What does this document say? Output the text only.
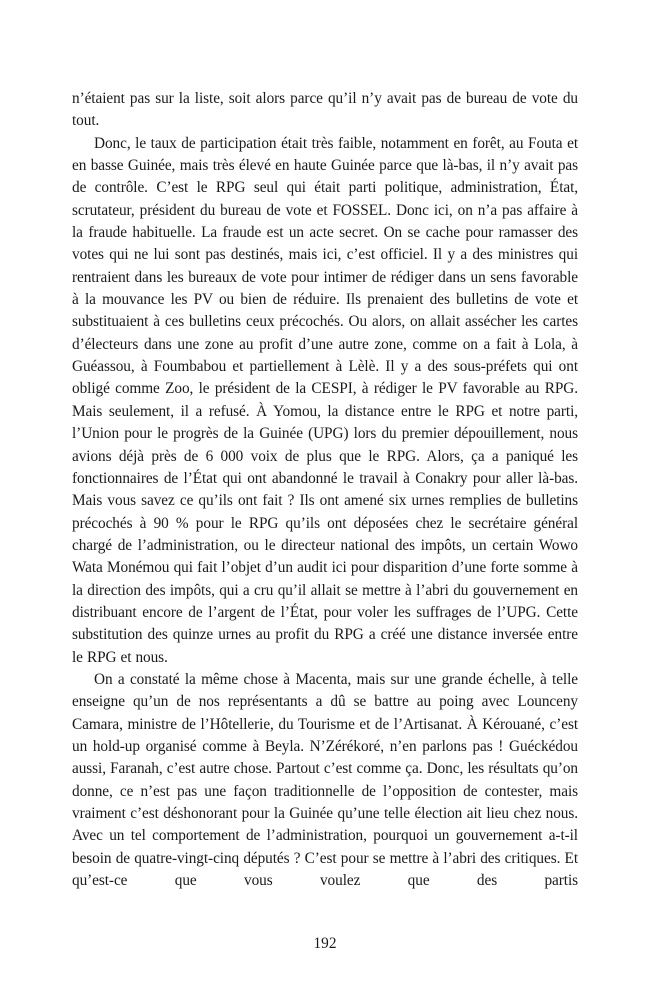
n’étaient pas sur la liste, soit alors parce qu’il n’y avait pas de bureau de vote du tout.

Donc, le taux de participation était très faible, notamment en forêt, au Fouta et en basse Guinée, mais très élevé en haute Guinée parce que là-bas, il n’y avait pas de contrôle. C’est le RPG seul qui était parti politique, administration, État, scrutateur, président du bureau de vote et FOSSEL. Donc ici, on n’a pas affaire à la fraude habituelle. La fraude est un acte secret. On se cache pour ramasser des votes qui ne lui sont pas destinés, mais ici, c’est officiel. Il y a des ministres qui rentraient dans les bureaux de vote pour intimer de rédiger dans un sens favorable à la mouvance les PV ou bien de réduire. Ils prenaient des bulletins de vote et substituaient à ces bulletins ceux précochés. Ou alors, on allait assécher les cartes d’électeurs dans une zone au profit d’une autre zone, comme on a fait à Lola, à Guéassou, à Foumbabou et partiellement à Lèlè. Il y a des sous-préfets qui ont obligé comme Zoo, le président de la CESPI, à rédiger le PV favorable au RPG. Mais seulement, il a refusé. À Yomou, la distance entre le RPG et notre parti, l’Union pour le progrès de la Guinée (UPG) lors du premier dépouillement, nous avions déjà près de 6 000 voix de plus que le RPG. Alors, ça a paniqué les fonctionnaires de l’État qui ont abandonné le travail à Conakry pour aller là-bas. Mais vous savez ce qu’ils ont fait ? Ils ont amené six urnes remplies de bulletins précochés à 90 % pour le RPG qu’ils ont déposées chez le secrétaire général chargé de l’administration, ou le directeur national des impôts, un certain Wowo Wata Monémou qui fait l’objet d’un audit ici pour disparition d’une forte somme à la direction des impôts, qui a cru qu’il allait se mettre à l’abri du gouvernement en distribuant encore de l’argent de l’État, pour voler les suffrages de l’UPG. Cette substitution des quinze urnes au profit du RPG a créé une distance inversée entre le RPG et nous.

On a constaté la même chose à Macenta, mais sur une grande échelle, à telle enseigne qu’un de nos représentants a dû se battre au poing avec Lounceny Camara, ministre de l’Hôtellerie, du Tourisme et de l’Artisanat. À Kérouané, c’est un hold-up organisé comme à Beyla. N’Zérékoré, n’en parlons pas ! Guéckédou aussi, Faranah, c’est autre chose. Partout c’est comme ça. Donc, les résultats qu’on donne, ce n’est pas une façon traditionnelle de l’opposition de contester, mais vraiment c’est déshonorant pour la Guinée qu’une telle élection ait lieu chez nous. Avec un tel comportement de l’administration, pourquoi un gouvernement a-t-il besoin de quatre-vingt-cinq députés ? C’est pour se mettre à l’abri des critiques. Et qu’est-ce que vous voulez que des partis

192
